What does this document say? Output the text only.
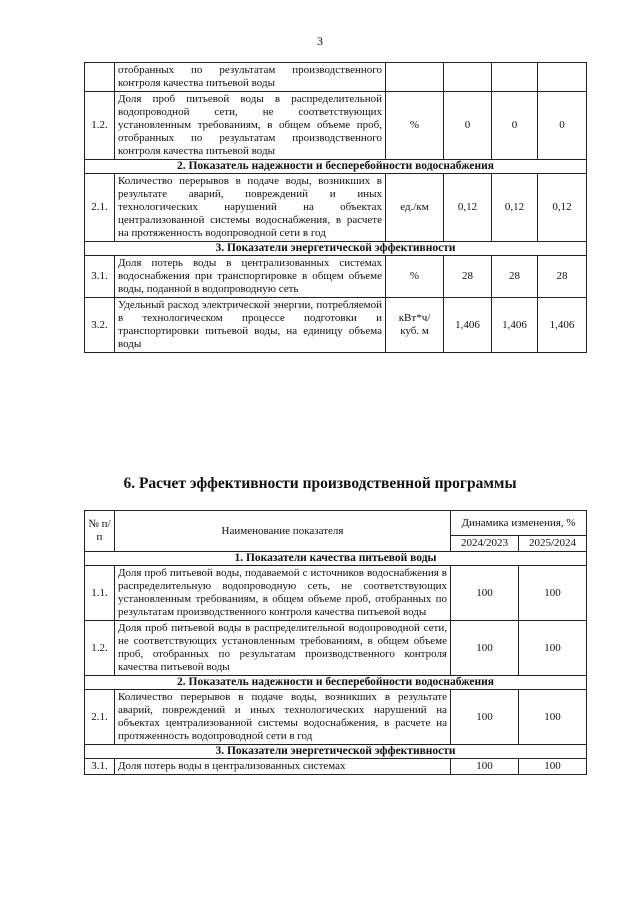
3
	отобранных по результатам производственного контроля качества питьевой воды				
1.2.	Доля проб питьевой воды в распределительной водопроводной сети, не соответствующих установленным требованиям, в общем объеме проб, отобранных по результатам производственного контроля качества питьевой воды	%	0	0	0
2. Показатель надежности и бесперебойности водоснабжения					
2.1.	Количество перерывов в подаче воды, возникших в результате аварий, повреждений и иных технологических нарушений на объектах централизованной системы водоснабжения, в расчете на протяженность водопроводной сети в год	ед./км	0,12	0,12	0,12
3. Показатели энергетической эффективности					
3.1.	Доля потерь воды в централизованных системах водоснабжения при транспортировке в общем объеме воды, поданной в водопроводную сеть	%	28	28	28
3.2.	Удельный расход электрической энергии, потребляемой в технологическом процессе подготовки и транспортировки питьевой воды, на единицу объема воды	кВт*ч/ куб. м	1,406	1,406	1,406
6. Расчет эффективности производственной программы
№ п/п	Наименование показателя	Динамика изменения, %	
		2024/2023	2025/2024
1. Показатели качества питьевой воды			
1.1.	Доля проб питьевой воды, подаваемой с источников водоснабжения в распределительную водопроводную сеть, не соответствующих установленным требованиям, в общем объеме проб, отобранных по результатам производственного контроля качества питьевой воды	100	100
1.2.	Доля проб питьевой воды в распределительной водопроводной сети, не соответствующих установленным требованиям, в общем объеме проб, отобранных по результатам производственного контроля качества питьевой воды	100	100
2. Показатель надежности и бесперебойности водоснабжения			
2.1.	Количество перерывов в подаче воды, возникших в результате аварий, повреждений и иных технологических нарушений на объектах централизованной системы водоснабжения, в расчете на протяженность водопроводной сети в год	100	100
3. Показатели энергетической эффективности			
3.1.	Доля потерь воды в централизованных системах	100	100
